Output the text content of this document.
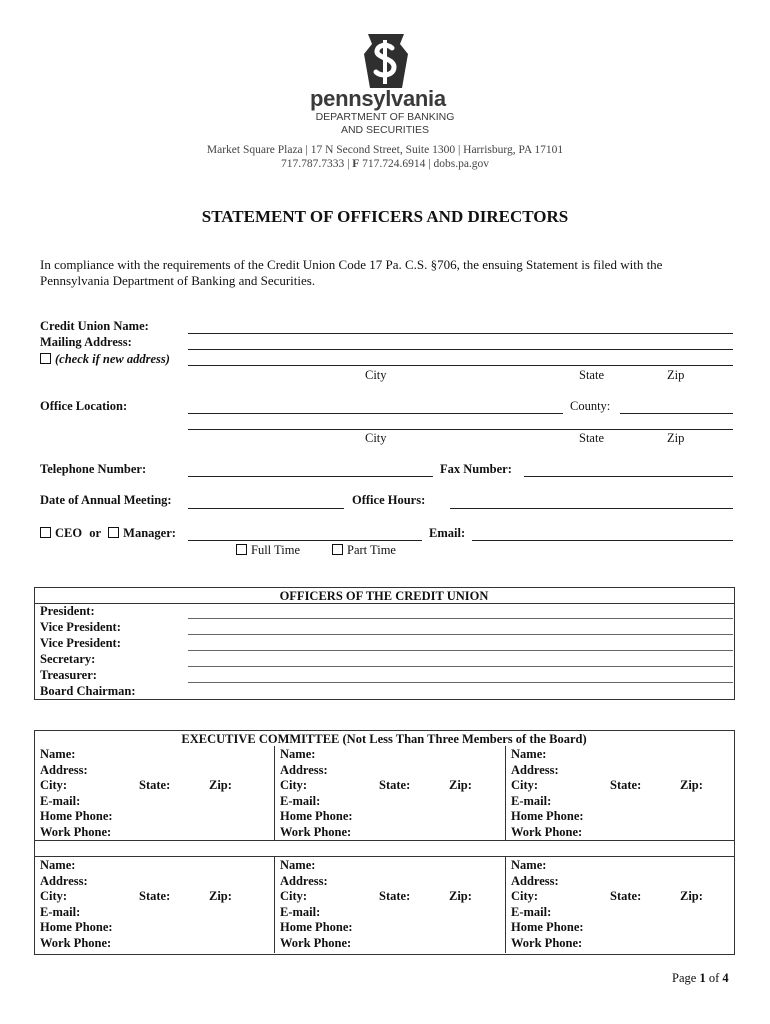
pennsylvania
DEPARTMENT OF BANKING
AND SECURITIES
Market Square Plaza | 17 N Second Street, Suite 1300 | Harrisburg, PA 17101
717.787.7333 | F 717.724.6914 | dobs.pa.gov
STATEMENT OF OFFICERS AND DIRECTORS
In compliance with the requirements of the Credit Union Code 17 Pa. C.S. §706, the ensuing Statement is filed with the Pennsylvania Department of Banking and Securities.
Credit Union Name:
Mailing Address:
(check if new address)
City	State	Zip
Office Location:	County:
City	State	Zip
Telephone Number:	Fax Number:
Date of Annual Meeting:	Office Hours:
CEO or Manager:	Email:
Full Time	Part Time
OFFICERS OF THE CREDIT UNION
President:
Vice President:
Vice President:
Secretary:
Treasurer:
Board Chairman:
EXECUTIVE COMMITTEE (Not Less Than Three Members of the Board)
Name:
Address:
City:	State:	Zip:
E-mail:
Home Phone:
Work Phone:
Name:
Address:
City:	State:	Zip:
E-mail:
Home Phone:
Work Phone:
Name:
Address:
City:	State:	Zip:
E-mail:
Home Phone:
Work Phone:
Name:
Address:
City:	State:	Zip:
E-mail:
Home Phone:
Work Phone:
Name:
Address:
City:	State:	Zip:
E-mail:
Home Phone:
Work Phone:
Name:
Address:
City:	State:	Zip:
E-mail:
Home Phone:
Work Phone:
Page 1 of 4
